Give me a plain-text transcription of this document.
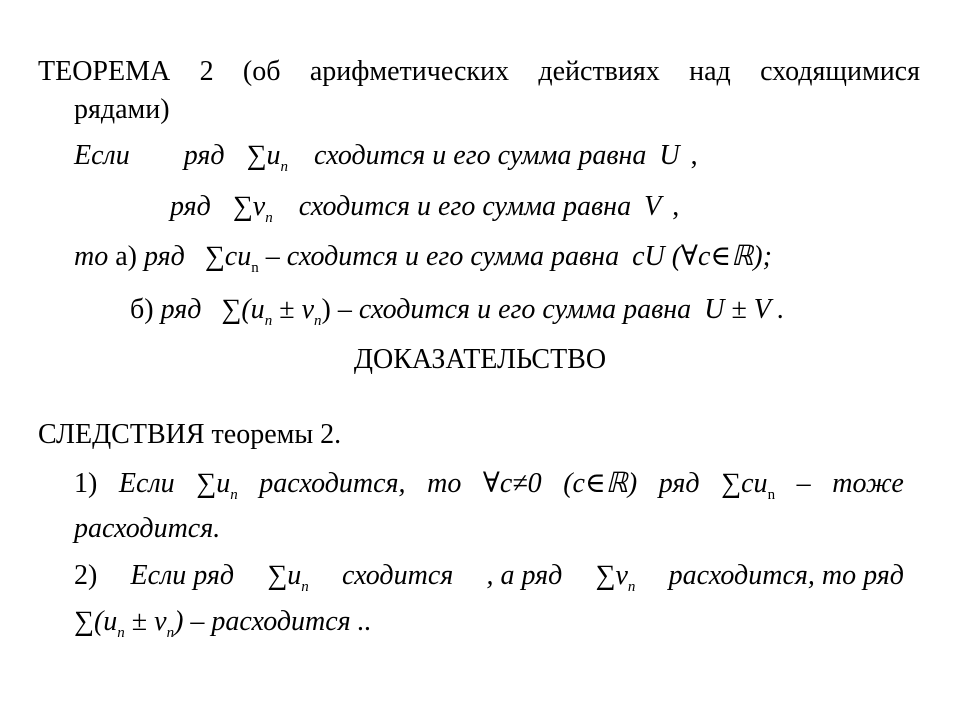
ТЕОРЕМА 2 (об арифметических действиях над сходящимися
рядами)
Если ряд $\sum u_n$ сходится и его сумма равна U ,
ряд $\sum v_n$ сходится и его сумма равна V ,
то а) ряд $\sum cu_n$ – сходится и его сумма равна cU (∀c∈ℝ);
б) ряд $\sum(u_n \pm v_n)$ – сходится и его сумма равна U ± V .
ДОКАЗАТЕЛЬСТВО
СЛЕДСТВИЯ теоремы 2.
1) Если $\sum u_n$ расходится, то ∀c≠0 (c∈ℝ) ряд $\sum cu_n$ – тоже
расходится.
2) Если ряд $\sum u_n$ сходится , а ряд $\sum v_n$ расходится, то ряд
$\sum(u_n \pm v_n)$ – расходится ..
